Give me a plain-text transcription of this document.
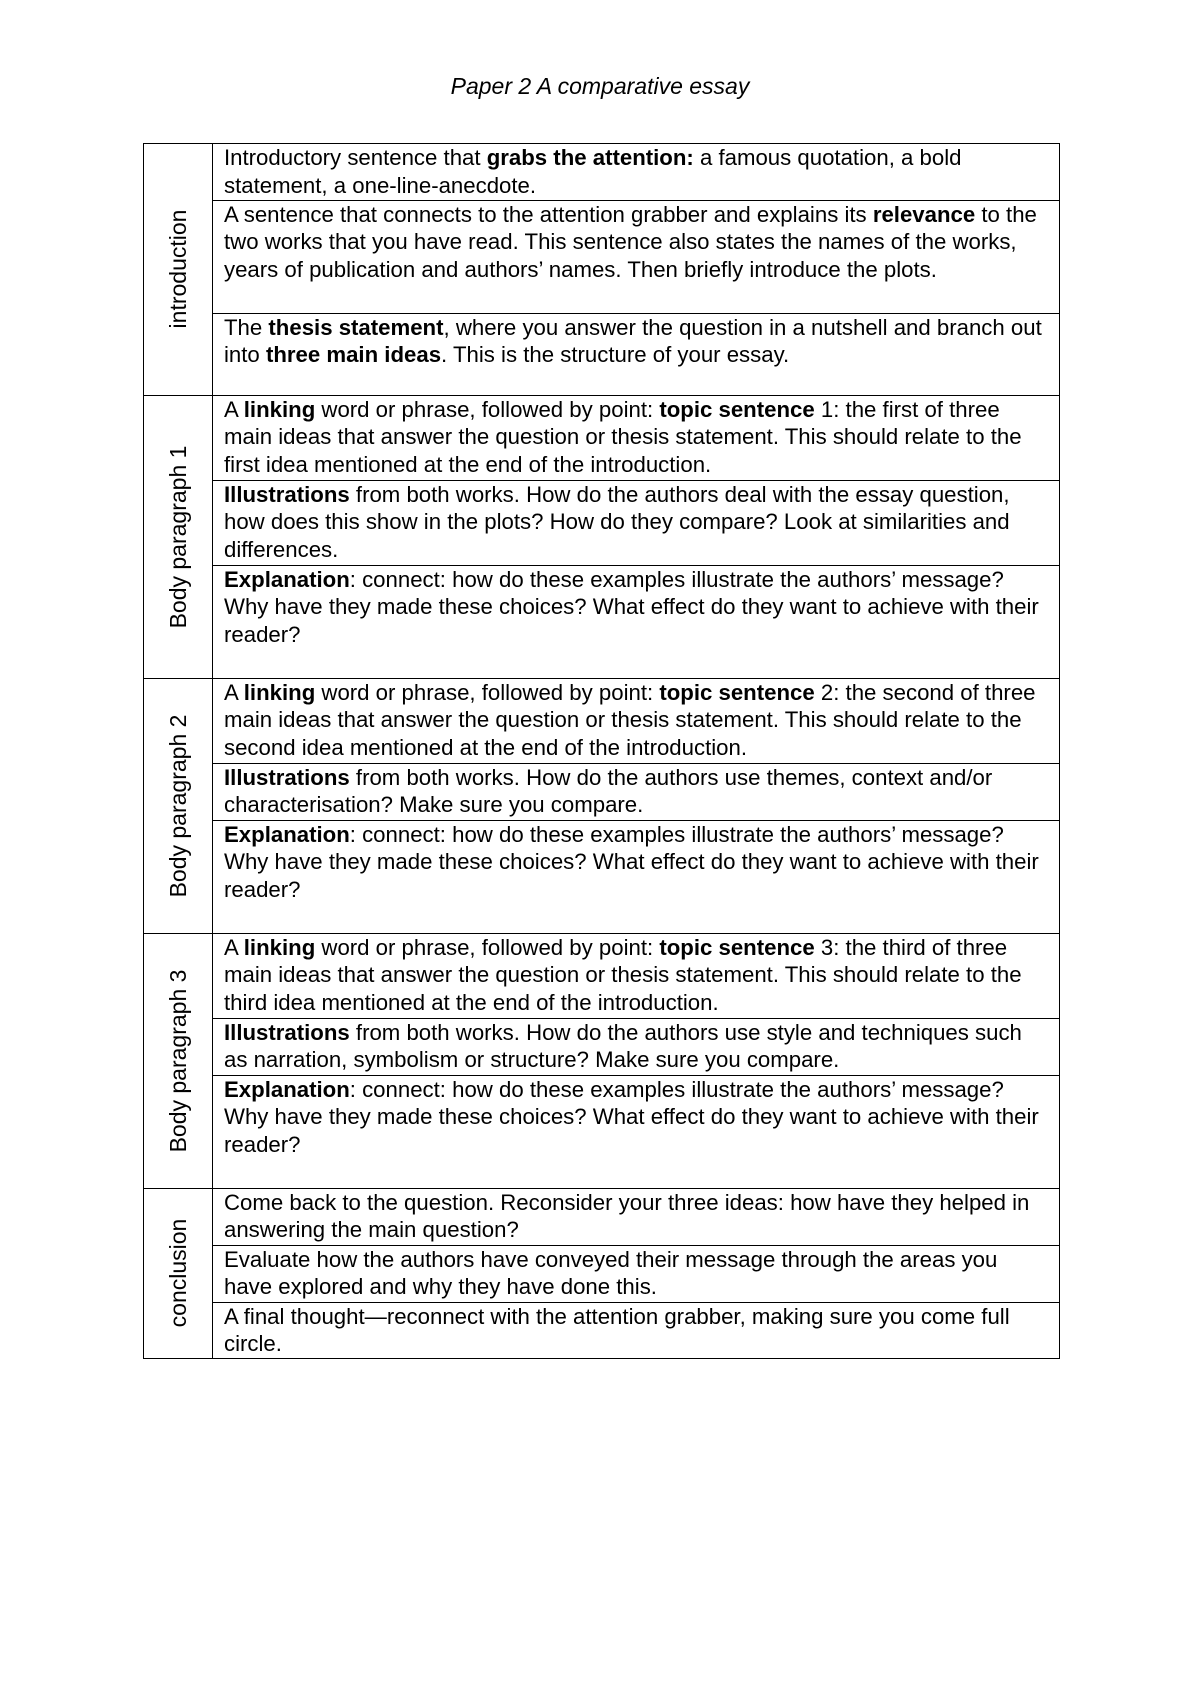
Paper 2 A comparative essay
introduction	Introductory sentence that grabs the attention: a famous quotation, a bold statement, a one-line-anecdote.

	A sentence that connects to the attention grabber and explains its relevance to the two works that you have read. This sentence also states the names of the works, years of publication and authors’ names. Then briefly introduce the plots.

	The thesis statement, where you answer the question in a nutshell and branch out into three main ideas. This is the structure of your essay.

Body paragraph 1	A linking word or phrase, followed by point: topic sentence 1: the first of three main ideas that answer the question or thesis statement. This should relate to the first idea mentioned at the end of the introduction.

	Illustrations from both works. How do the authors deal with the essay question, how does this show in the plots? How do they compare? Look at similarities and differences.

	Explanation: connect: how do these examples illustrate the authors’ message? Why have they made these choices? What effect do they want to achieve with their reader?

Body paragraph 2	A linking word or phrase, followed by point: topic sentence 2: the second of three main ideas that answer the question or thesis statement. This should relate to the second idea mentioned at the end of the introduction.

	Illustrations from both works. How do the authors use themes, context and/or characterisation? Make sure you compare.

	Explanation: connect: how do these examples illustrate the authors’ message? Why have they made these choices? What effect do they want to achieve with their reader?

Body paragraph 3	A linking word or phrase, followed by point: topic sentence 3: the third of three main ideas that answer the question or thesis statement. This should relate to the third idea mentioned at the end of the introduction.

	Illustrations from both works. How do the authors use style and techniques such as narration, symbolism or structure? Make sure you compare.

	Explanation: connect: how do these examples illustrate the authors’ message? Why have they made these choices? What effect do they want to achieve with their reader?

conclusion	Come back to the question. Reconsider your three ideas: how have they helped in answering the main question?

	Evaluate how the authors have conveyed their message through the areas you have explored and why they have done this.

	A final thought—reconnect with the attention grabber, making sure you come full circle.
